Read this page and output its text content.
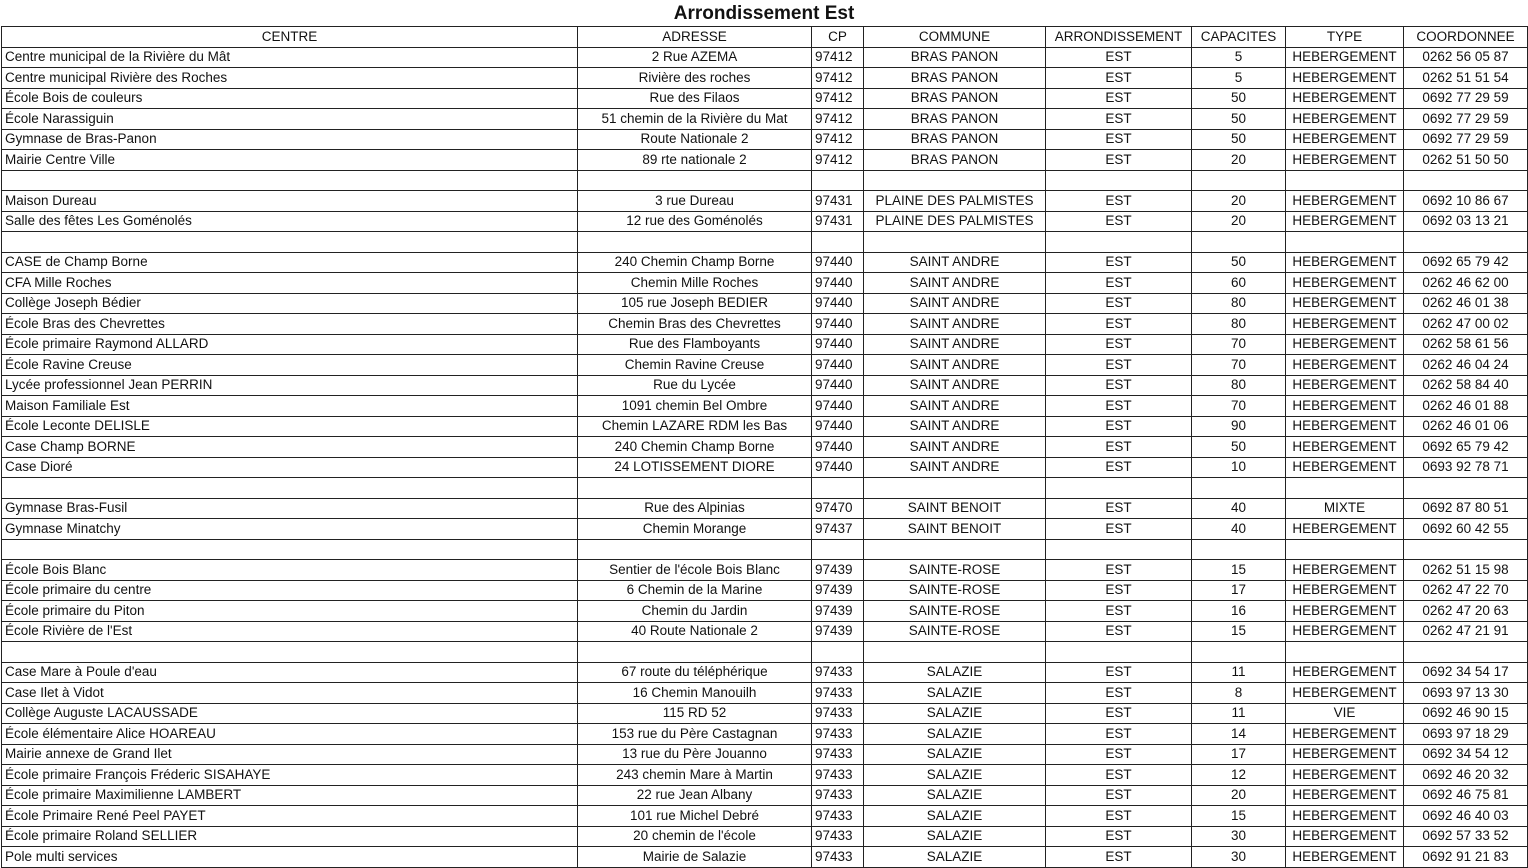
Arrondissement Est
CENTRE	ADRESSE	CP	COMMUNE	ARRONDISSEMENT	CAPACITES	TYPE	COORDONNEE
Centre municipal de la Rivière du Mât	2 Rue AZEMA	97412	BRAS PANON	EST	5	HEBERGEMENT	0262 56 05 87
Centre municipal Rivière des Roches	Rivière des roches	97412	BRAS PANON	EST	5	HEBERGEMENT	0262 51 51 54
École Bois de couleurs	Rue des Filaos	97412	BRAS PANON	EST	50	HEBERGEMENT	0692 77 29 59
École Narassiguin	51 chemin de la Rivière du Mat	97412	BRAS PANON	EST	50	HEBERGEMENT	0692 77 29 59
Gymnase de Bras-Panon	Route Nationale 2	97412	BRAS PANON	EST	50	HEBERGEMENT	0692 77 29 59
Mairie Centre Ville	89 rte nationale 2	97412	BRAS PANON	EST	20	HEBERGEMENT	0262 51 50 50

Maison Dureau	3 rue Dureau	97431	PLAINE DES PALMISTES	EST	20	HEBERGEMENT	0692 10 86 67
Salle des fêtes Les Goménolés	12 rue des Goménolés	97431	PLAINE DES PALMISTES	EST	20	HEBERGEMENT	0692 03 13 21

CASE de Champ Borne	240 Chemin Champ Borne	97440	SAINT ANDRE	EST	50	HEBERGEMENT	0692 65 79 42
CFA Mille Roches	Chemin Mille Roches	97440	SAINT ANDRE	EST	60	HEBERGEMENT	0262 46 62 00
Collège Joseph Bédier	105 rue Joseph BEDIER	97440	SAINT ANDRE	EST	80	HEBERGEMENT	0262 46 01 38
École Bras des Chevrettes	Chemin Bras des Chevrettes	97440	SAINT ANDRE	EST	80	HEBERGEMENT	0262 47 00 02
École primaire Raymond ALLARD	Rue des Flamboyants	97440	SAINT ANDRE	EST	70	HEBERGEMENT	0262 58 61 56
École Ravine Creuse	Chemin Ravine Creuse	97440	SAINT ANDRE	EST	70	HEBERGEMENT	0262 46 04 24
Lycée professionnel Jean PERRIN	Rue du Lycée	97440	SAINT ANDRE	EST	80	HEBERGEMENT	0262 58 84 40
Maison Familiale Est	1091 chemin Bel Ombre	97440	SAINT ANDRE	EST	70	HEBERGEMENT	0262 46 01 88
École Leconte DELISLE	Chemin LAZARE RDM les Bas	97440	SAINT ANDRE	EST	90	HEBERGEMENT	0262 46 01 06
Case Champ BORNE	240 Chemin Champ Borne	97440	SAINT ANDRE	EST	50	HEBERGEMENT	0692 65 79 42
Case Dioré	24 LOTISSEMENT DIORE	97440	SAINT ANDRE	EST	10	HEBERGEMENT	0693 92 78 71

Gymnase Bras-Fusil	Rue des Alpinias	97470	SAINT BENOIT	EST	40	MIXTE	0692 87 80 51
Gymnase Minatchy	Chemin Morange	97437	SAINT BENOIT	EST	40	HEBERGEMENT	0692 60 42 55

École Bois Blanc	Sentier de l'école Bois Blanc	97439	SAINTE-ROSE	EST	15	HEBERGEMENT	0262 51 15 98
École primaire du centre	6 Chemin de la Marine	97439	SAINTE-ROSE	EST	17	HEBERGEMENT	0262 47 22 70
École primaire du Piton	Chemin du Jardin	97439	SAINTE-ROSE	EST	16	HEBERGEMENT	0262 47 20 63
École Rivière de l'Est	40 Route Nationale 2	97439	SAINTE-ROSE	EST	15	HEBERGEMENT	0262 47 21 91

Case Mare à Poule d'eau	67 route du téléphérique	97433	SALAZIE	EST	11	HEBERGEMENT	0692 34 54 17
Case Ilet à Vidot	16 Chemin Manouilh	97433	SALAZIE	EST	8	HEBERGEMENT	0693 97 13 30
Collège Auguste LACAUSSADE	115 RD 52	97433	SALAZIE	EST	11	VIE	0692 46 90 15
École élémentaire Alice HOAREAU	153 rue du Père Castagnan	97433	SALAZIE	EST	14	HEBERGEMENT	0693 97 18 29
Mairie annexe de Grand Ilet	13 rue du Père Jouanno	97433	SALAZIE	EST	17	HEBERGEMENT	0692 34 54 12
École primaire François Fréderic SISAHAYE	243 chemin Mare à Martin	97433	SALAZIE	EST	12	HEBERGEMENT	0692 46 20 32
École primaire Maximilienne LAMBERT	22 rue Jean Albany	97433	SALAZIE	EST	20	HEBERGEMENT	0692 46 75 81
École Primaire René Peel PAYET	101 rue Michel Debré	97433	SALAZIE	EST	15	HEBERGEMENT	0692 46 40 03
École primaire Roland SELLIER	20 chemin de l'école	97433	SALAZIE	EST	30	HEBERGEMENT	0692 57 33 52
Pole multi services	Mairie de Salazie	97433	SALAZIE	EST	30	HEBERGEMENT	0692 91 21 83
